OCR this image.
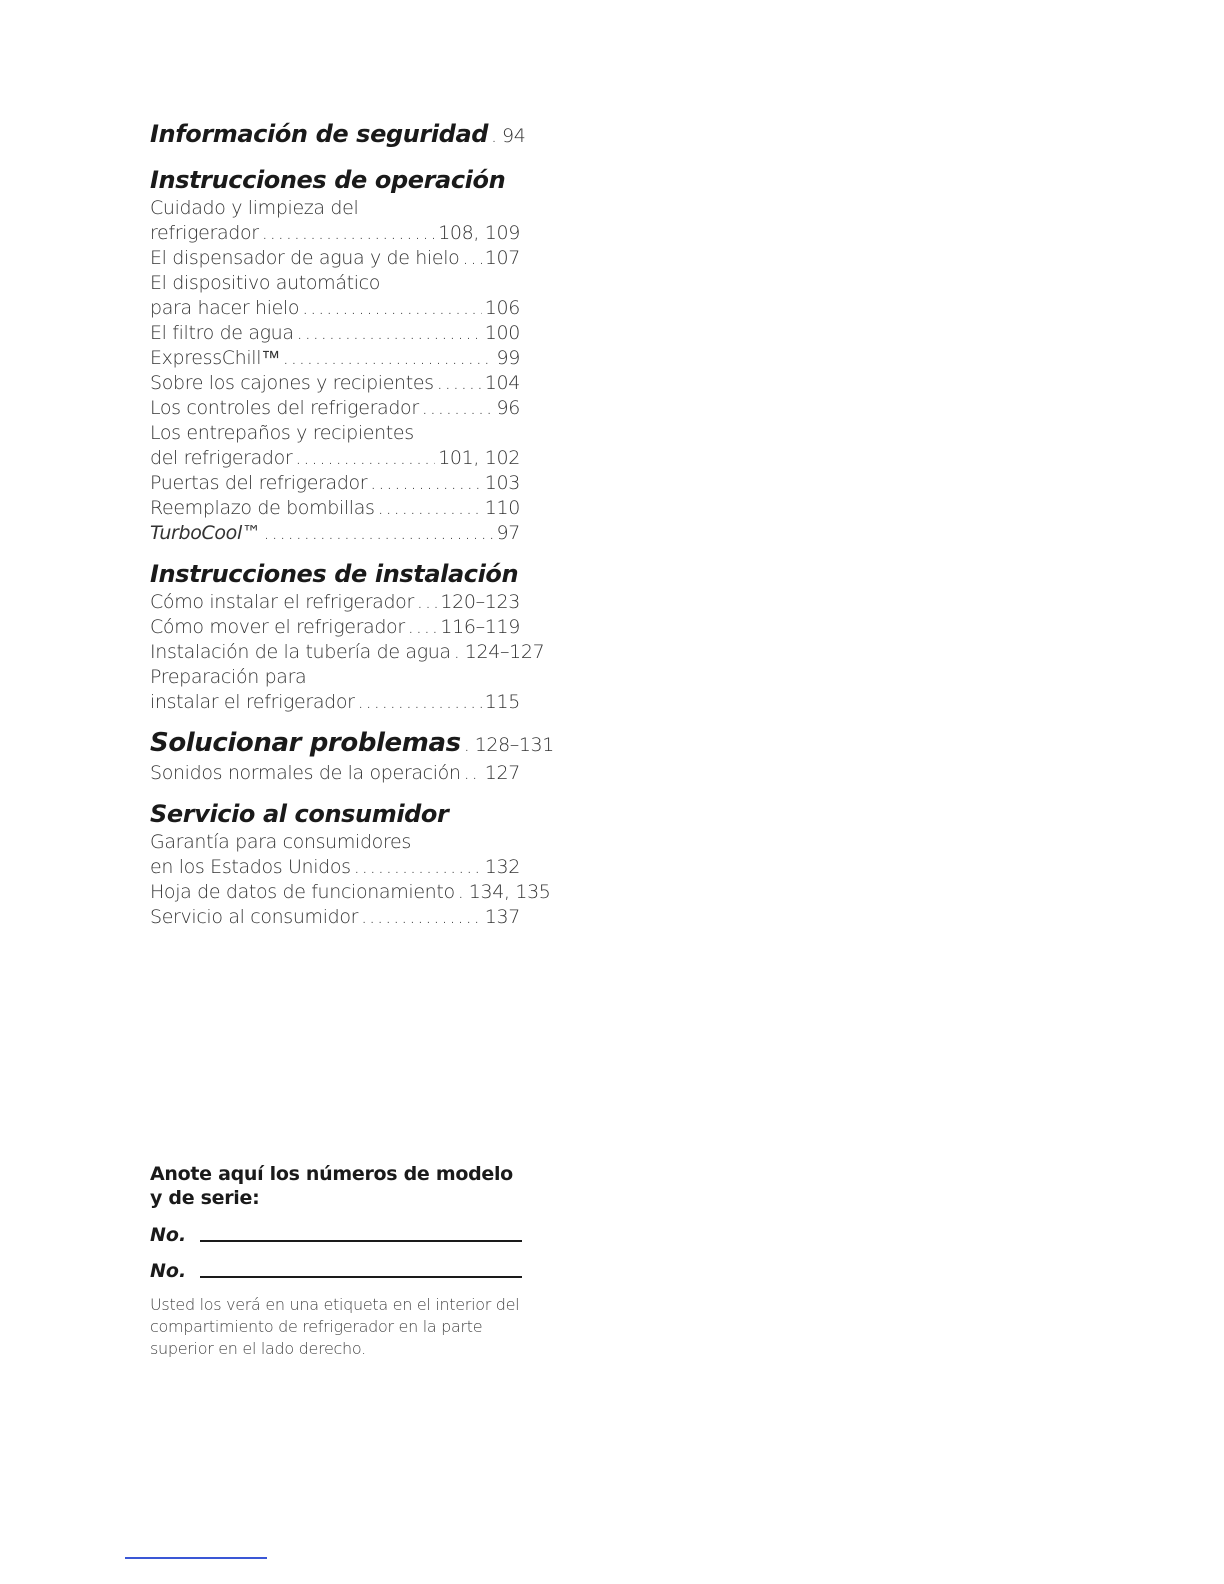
Información de seguridad ..... 94
Instrucciones de operación
Cuidado y limpieza del
refrigerador .....	108, 109
El dispensador de agua y de hielo ..... 107
El dispositivo automático
para hacer hielo .....	106
El filtro de agua .....	100
ExpressChill™ .....	99
Sobre los cajones y recipientes .....	104
Los controles del refrigerador .....	96
Los entrepaños y recipientes
del refrigerador .....	101, 102
Puertas del refrigerador .....	103
Reemplazo de bombillas .....	110
TurboCool™ .....	97
Instrucciones de instalación
Cómo instalar el refrigerador ..... 120–123
Cómo mover el refrigerador ..... 116–119
Instalación de la tubería de agua ..... 124–127
Preparación para
instalar el refrigerador .....	115
Solucionar problemas ..... 128–131
Sonidos normales de la operación ..... 127
Servicio al consumidor
Garantía para consumidores
en los Estados Unidos .....	132
Hoja de datos de funcionamiento ..... 134, 135
Servicio al consumidor .....	137
Anote aquí los números de modelo y de serie:
No.
No.
Usted los verá en una etiqueta en el interior del compartimiento de refrigerador en la parte superior en el lado derecho.
